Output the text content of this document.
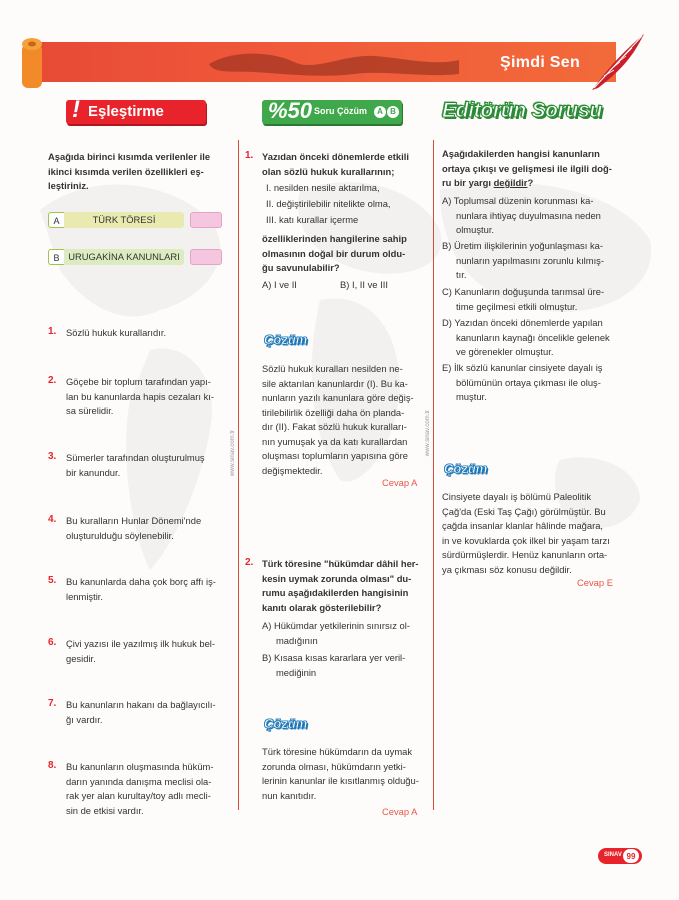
Şimdi Sen
! Eşleştirme	%50 Soru Çözüm	A B Editörün Sorusu
www.sinav.com.tr	www.sinav.com.tr
Aşağıda birinci kısımda verilenler ile
ikinci kısımda verilen özellikleri eş-
leştiriniz.
A	TÜRK TÖRESİ
B URUGAKİNA KANUNLARI
1. Sözlü hukuk kurallarıdır.
2. Göçebe bir toplum tarafından yapı-
lan bu kanunlarda hapis cezaları kı-
sa sürelidir.
3. Sümerler tarafından oluşturulmuş
bir kanundur.
4. Bu kuralların Hunlar Dönemi'nde
oluşturulduğu söylenebilir.
5. Bu kanunlarda daha çok borç affı iş-
lenmiştir.
6. Çivi yazısı ile yazılmış ilk hukuk bel-
gesidir.
7. Bu kanunların hakanı da bağlayıcılı-
ğı vardır.
8. Bu kanunların oluşmasında hüküm-
darın yanında danışma meclisi ola-
rak yer alan kurultay/toy adlı mecli-
sin de etkisi vardır.
1. Yazıdan önceki dönemlerde etkili
olan sözlü hukuk kurallarının;
I. nesilden nesile aktarılma,
II. değiştirilebilir nitelikte olma,
III. katı kurallar içerme
özelliklerinden hangilerine sahip
olmasının doğal bir durum oldu-
ğu savunulabilir?
A) I ve II	B) I, II ve III
Çözüm
Sözlü hukuk kuralları nesilden ne-
sile aktarılan kanunlardır (I). Bu ka-
nunların yazılı kanunlara göre değiş-
tirilebilirlik özelliği daha ön planda-
dır (II). Fakat sözlü hukuk kuralları-
nın yumuşak ya da katı kurallardan
oluşması toplumların yapısına göre
değişmektedir.
Cevap A
2. Türk töresine "hükümdar dâhil her-
kesin uymak zorunda olması" du-
rumu aşağıdakilerden hangisinin
kanıtı olarak gösterilebilir?
A) Hükümdar yetkilerinin sınırsız ol-
madığının
B) Kısasa kısas kararlara yer veril-
mediğinin
Çözüm
Türk töresine hükümdarın da uymak
zorunda olması, hükümdarın yetki-
lerinin kanunlar ile kısıtlanmış olduğu-
nun kanıtıdır.
Cevap A
Aşağıdakilerden hangisi kanunların
ortaya çıkışı ve gelişmesi ile ilgili doğ-
ru bir yargı değildir?
A) Toplumsal düzenin korunması ka-
nunlara ihtiyaç duyulmasına neden
olmuştur.
B) Üretim ilişkilerinin yoğunlaşması ka-
nunların yapılmasını zorunlu kılmış-
tır.
C) Kanunların doğuşunda tarımsal üre-
time geçilmesi etkili olmuştur.
D) Yazıdan önceki dönemlerde yapılan
kanunların kaynağı öncelikle gelenek
ve görenekler olmuştur.
E) İlk sözlü kanunlar cinsiyete dayalı iş
bölümünün ortaya çıkması ile oluş-
muştur.
Çözüm
Cinsiyete dayalı iş bölümü Paleolitik
Çağ'da (Eski Taş Çağı) görülmüştür. Bu
çağda insanlar klanlar hâlinde mağara,
in ve kovuklarda çok ilkel bir yaşam tarzı
sürdürmüşlerdir. Henüz kanunların orta-
ya çıkması söz konusu değildir.
Cevap E
SINAV 99
